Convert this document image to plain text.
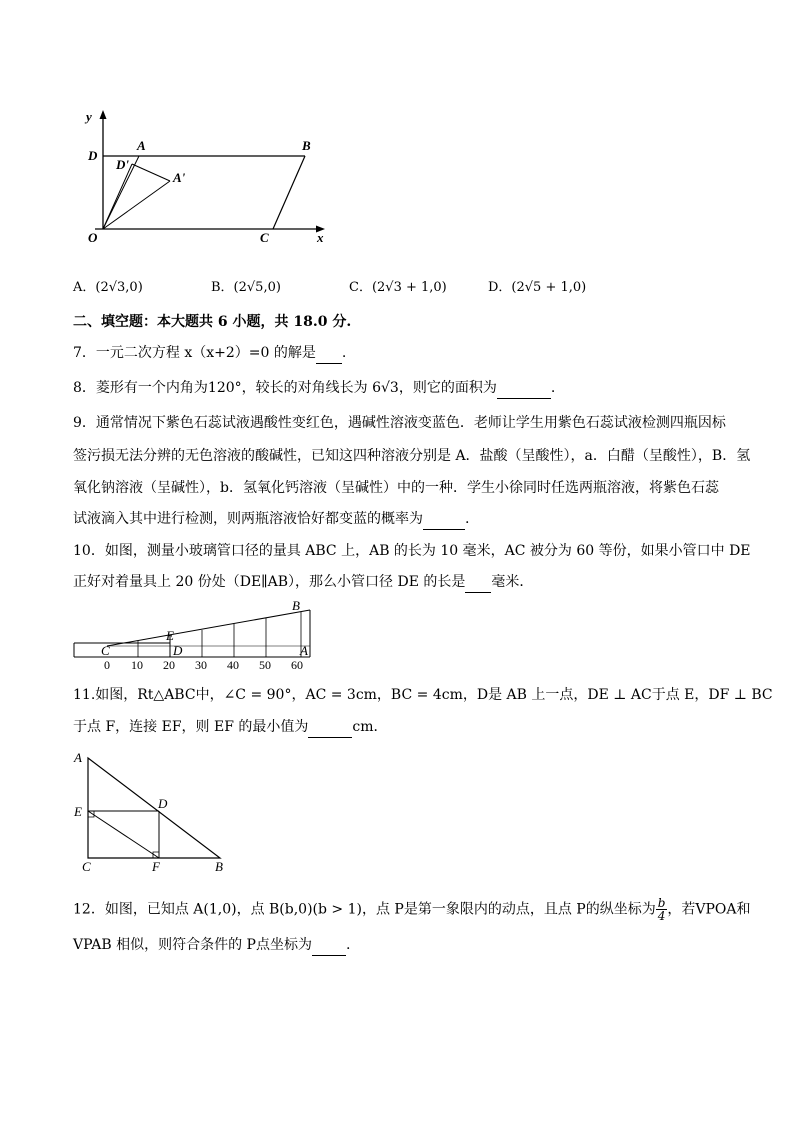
y
x
O
D
A	B
C
D'
A'
A．(2√3,0)	B．(2√5,0)	C．(2√3 + 1,0)	D．(2√5 + 1,0)
二、填空题：本大题共 6 小题，共 18.0 分.
7．一元二次方程 x（x+2）=0 的解是 .
8．菱形有一个内角为120°，较长的对角线长为 6√3，则它的面积为	.
9．通常情况下紫色石蕊试液遇酸性变红色，遇碱性溶液变蓝色．老师让学生用紫色石蕊试液检测四瓶因标
签污损无法分辨的无色溶液的酸碱性，已知这四种溶液分别是 A．盐酸（呈酸性），a．白醋（呈酸性），B．氢
氧化钠溶液（呈碱性），b．氢氧化钙溶液（呈碱性）中的一种．学生小徐同时任选两瓶溶液，将紫色石蕊
试液滴入其中进行检测，则两瓶溶液恰好都变蓝的概率为	.
10．如图，测量小玻璃管口径的量具 ABC 上，AB 的长为 10 毫米，AC 被分为 60 等份，如果小管口中 DE
正好对着量具上 20 份处（DE∥AB），那么小管口径 DE 的长是 毫米．
B
E
C	D	A
0 10 20 30 40 50 60
11.如图，Rt△ABC中，∠C = 90°，AC = 3cm，BC = 4cm，D是 AB 上一点，DE ⊥ AC于点 E，DF ⊥ BC
于点 F，连接 EF，则 EF 的最小值为	cm．
A
E
D
C	F	B
12．如图，已知点 A(1,0)，点 B(b,0)(b > 1)，点 P是第一象限内的动点，且点 P的纵坐标为 $\frac{b}{4}$ ，若VPOA和
VPAB 相似，则符合条件的 P点坐标为 .
